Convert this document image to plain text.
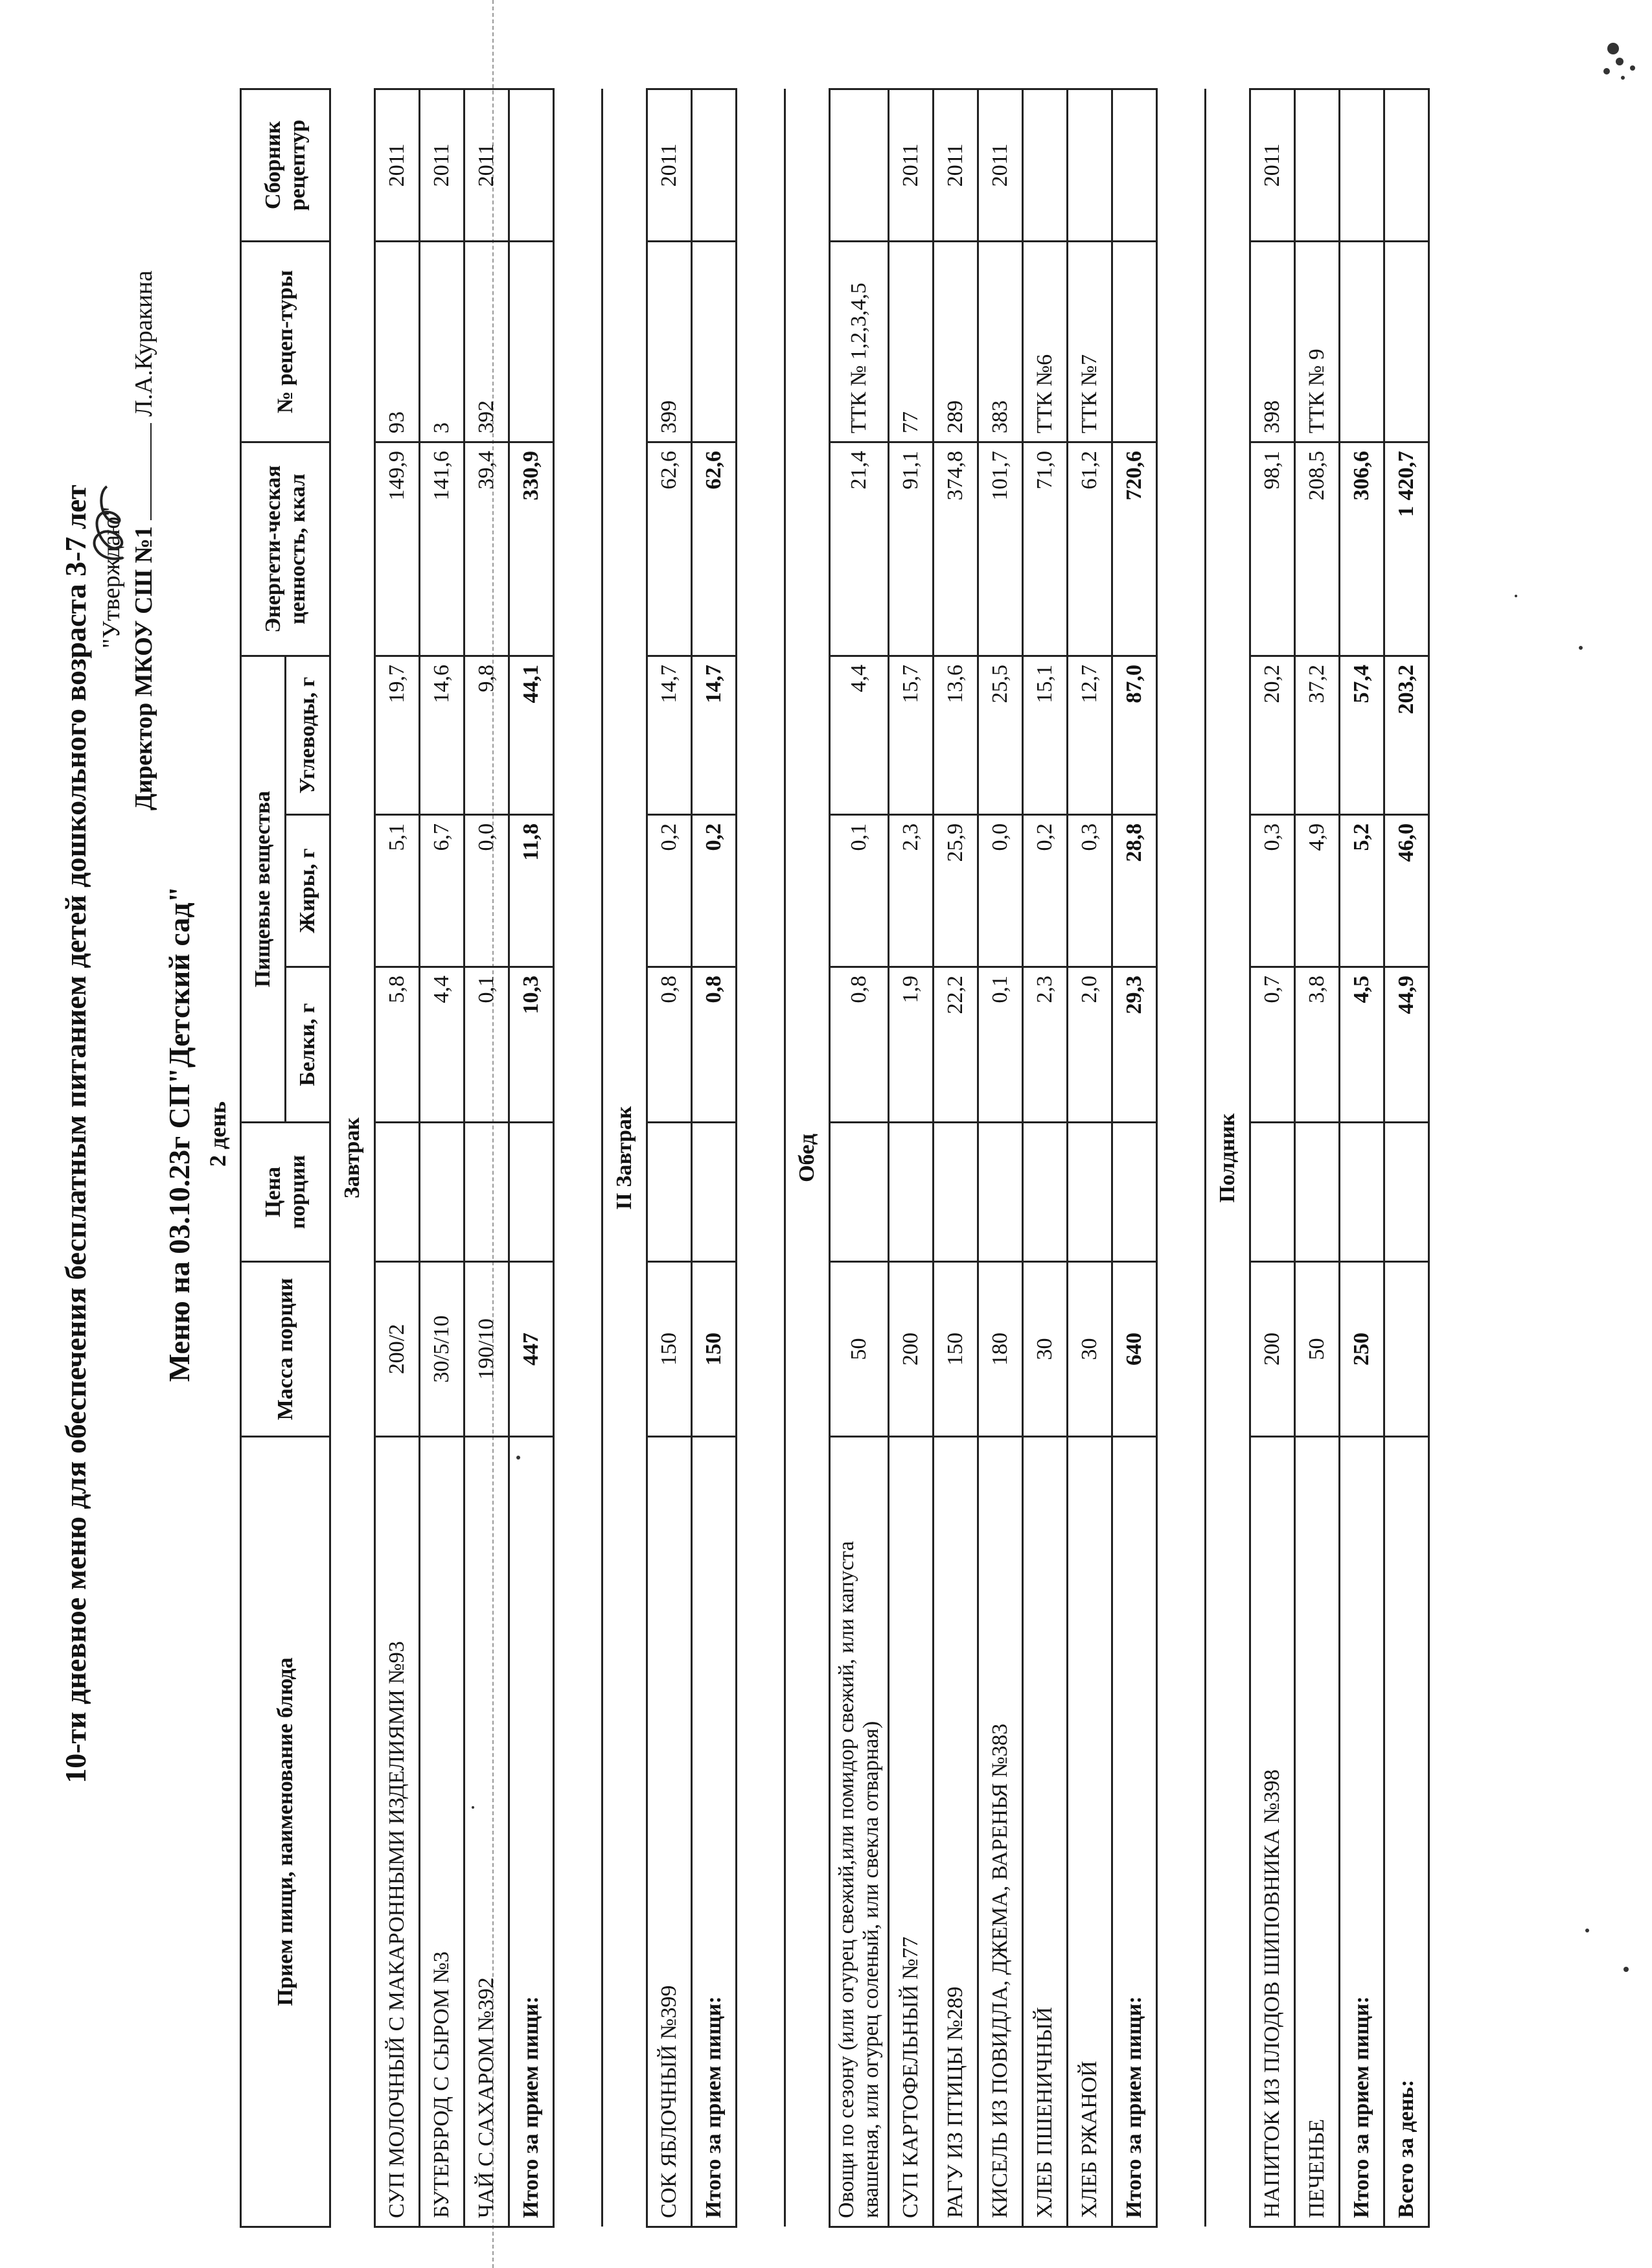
10-ти дневное меню для обеспечения бесплатным питанием детей дошкольного возраста 3-7 лет "Утверждаю" Директор МКОУ СШ №1  Л.А.Куракина
Меню на 03.10.23г СП"Детский сад" 2 день
Прием пищи, наименование блюда	Масса порции	Цена порции	Пищевые вещества			Энергети-ческая ценность, ккал	№ рецеп-туры	Сборник рецептур
			Белки, г	Жиры, г	Углеводы, г			
Завтрак								
СУП МОЛОЧНЫЙ С МАКАРОННЫМИ ИЗДЕЛИЯМИ №93	200/2		5,8	5,1	19,7	149,9	93	2011
БУТЕРБРОД С СЫРОМ №3	30/5/10		4,4	6,7	14,6	141,6	3	2011
ЧАЙ С САХАРОМ №392	190/10		0,1	0,0	9,8	39,4	392	2011
Итого за прием пищи:	447		10,3	11,8	44,1	330,9		

II Завтрак								
СОК ЯБЛОЧНЫЙ №399	150		0,8	0,2	14,7	62,6	399	2011
Итого за прием пищи:	150		0,8	0,2	14,7	62,6		

Обед								
Овощи по сезону (или огурец свежий,или помидор свежий, или капуста квашеная, или огурец соленый, или свекла отварная)	50		0,8	0,1	4,4	21,4	ТТК № 1,2,3,4,5	
СУП КАРТОФЕЛЬНЫЙ №77	200		1,9	2,3	15,7	91,1	77	2011
РАГУ ИЗ ПТИЦЫ №289	150		22,2	25,9	13,6	374,8	289	2011
КИСЕЛЬ ИЗ ПОВИДЛА, ДЖЕМА, ВАРЕНЬЯ №383	180		0,1	0,0	25,5	101,7	383	2011
ХЛЕБ ПШЕНИЧНЫЙ	30		2,3	0,2	15,1	71,0	ТТК №6	
ХЛЕБ РЖАНОЙ	30		2,0	0,3	12,7	61,2	ТТК №7	
Итого за прием пищи:	640		29,3	28,8	87,0	720,6		

Полдник								
НАПИТОК ИЗ ПЛОДОВ ШИПОВНИКА №398	200		0,7	0,3	20,2	98,1	398	2011
ПЕЧЕНЬЕ	50		3,8	4,9	37,2	208,5	ТТК № 9	
Итого за прием пищи:	250		4,5	5,2	57,4	306,6		
Всего за день:			44,9	46,0	203,2	1 420,7		
